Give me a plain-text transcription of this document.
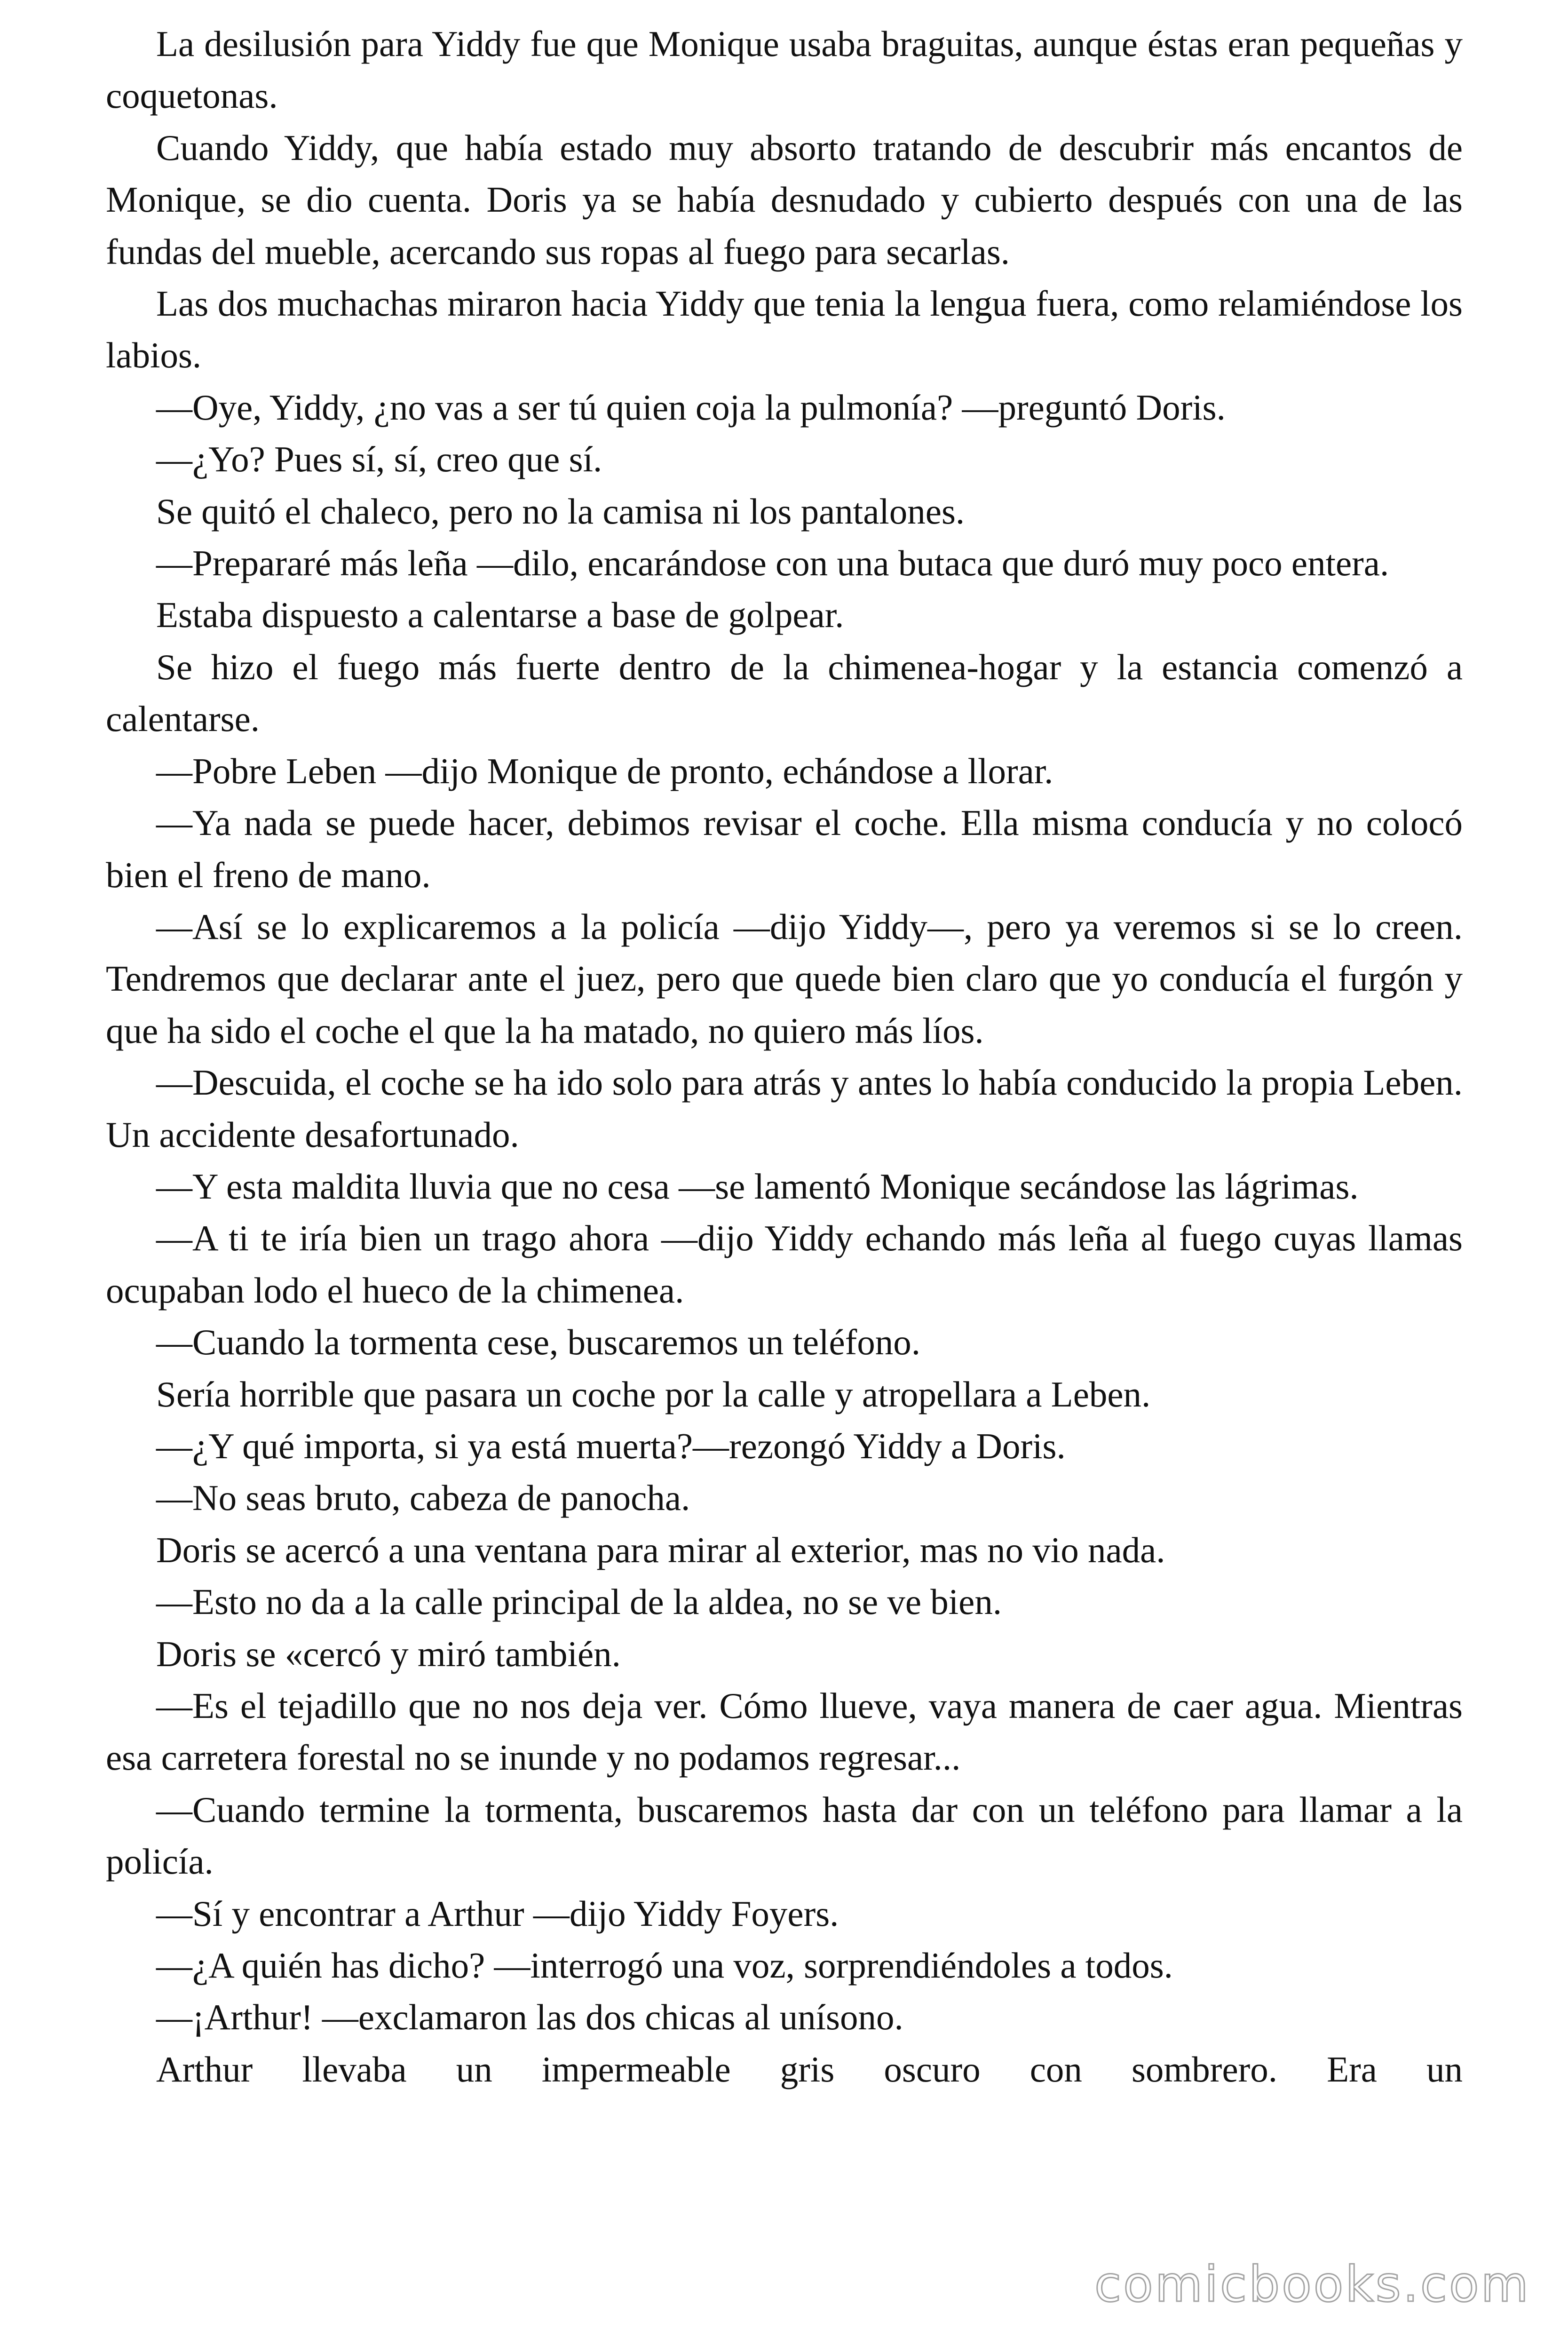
La desilusión para Yiddy fue que Monique usaba braguitas, aunque éstas eran pequeñas y coquetonas.

Cuando Yiddy, que había estado muy absorto tratando de descubrir más encantos de Monique, se dio cuenta. Doris ya se había desnudado y cubierto después con una de las fundas del mueble, acercando sus ropas al fuego para secarlas.

Las dos muchachas miraron hacia Yiddy que tenia la lengua fuera, como relamiéndose los labios.

—Oye, Yiddy, ¿no vas a ser tú quien coja la pulmonía? —preguntó Doris.

—¿Yo? Pues sí, sí, creo que sí.

Se quitó el chaleco, pero no la camisa ni los pantalones.

—Prepararé más leña —dilo, encarándose con una butaca que duró muy poco entera.

Estaba dispuesto a calentarse a base de golpear.

Se hizo el fuego más fuerte dentro de la chimenea-hogar y la estancia comenzó a calentarse.

—Pobre Leben —dijo Monique de pronto, echándose a llorar.

—Ya nada se puede hacer, debimos revisar el coche. Ella misma conducía y no colocó bien el freno de mano.

—Así se lo explicaremos a la policía —dijo Yiddy—, pero ya veremos si se lo creen. Tendremos que declarar ante el juez, pero que quede bien claro que yo conducía el furgón y que ha sido el coche el que la ha matado, no quiero más líos.

—Descuida, el coche se ha ido solo para atrás y antes lo había conducido la propia Leben. Un accidente desafortunado.

—Y esta maldita lluvia que no cesa —se lamentó Monique secándose las lágrimas.

—A ti te iría bien un trago ahora —dijo Yiddy echando más leña al fuego cuyas llamas ocupaban lodo el hueco de la chimenea.

—Cuando la tormenta cese, buscaremos un teléfono.

Sería horrible que pasara un coche por la calle y atropellara a Leben.

—¿Y qué importa, si ya está muerta?—rezongó Yiddy a Doris.

—No seas bruto, cabeza de panocha.

Doris se acercó a una ventana para mirar al exterior, mas no vio nada.

—Esto no da a la calle principal de la aldea, no se ve bien.

Doris se «cercó y miró también.

—Es el tejadillo que no nos deja ver. Cómo llueve, vaya manera de caer agua. Mientras esa carretera forestal no se inunde y no podamos regresar...

—Cuando termine la tormenta, buscaremos hasta dar con un teléfono para llamar a la policía.

—Sí y encontrar a Arthur —dijo Yiddy Foyers.

—¿A quién has dicho? —interrogó una voz, sorprendiéndoles a todos.

—¡Arthur! —exclamaron las dos chicas al unísono.

Arthur llevaba un impermeable gris oscuro con sombrero. Era un

comicbooks.com
